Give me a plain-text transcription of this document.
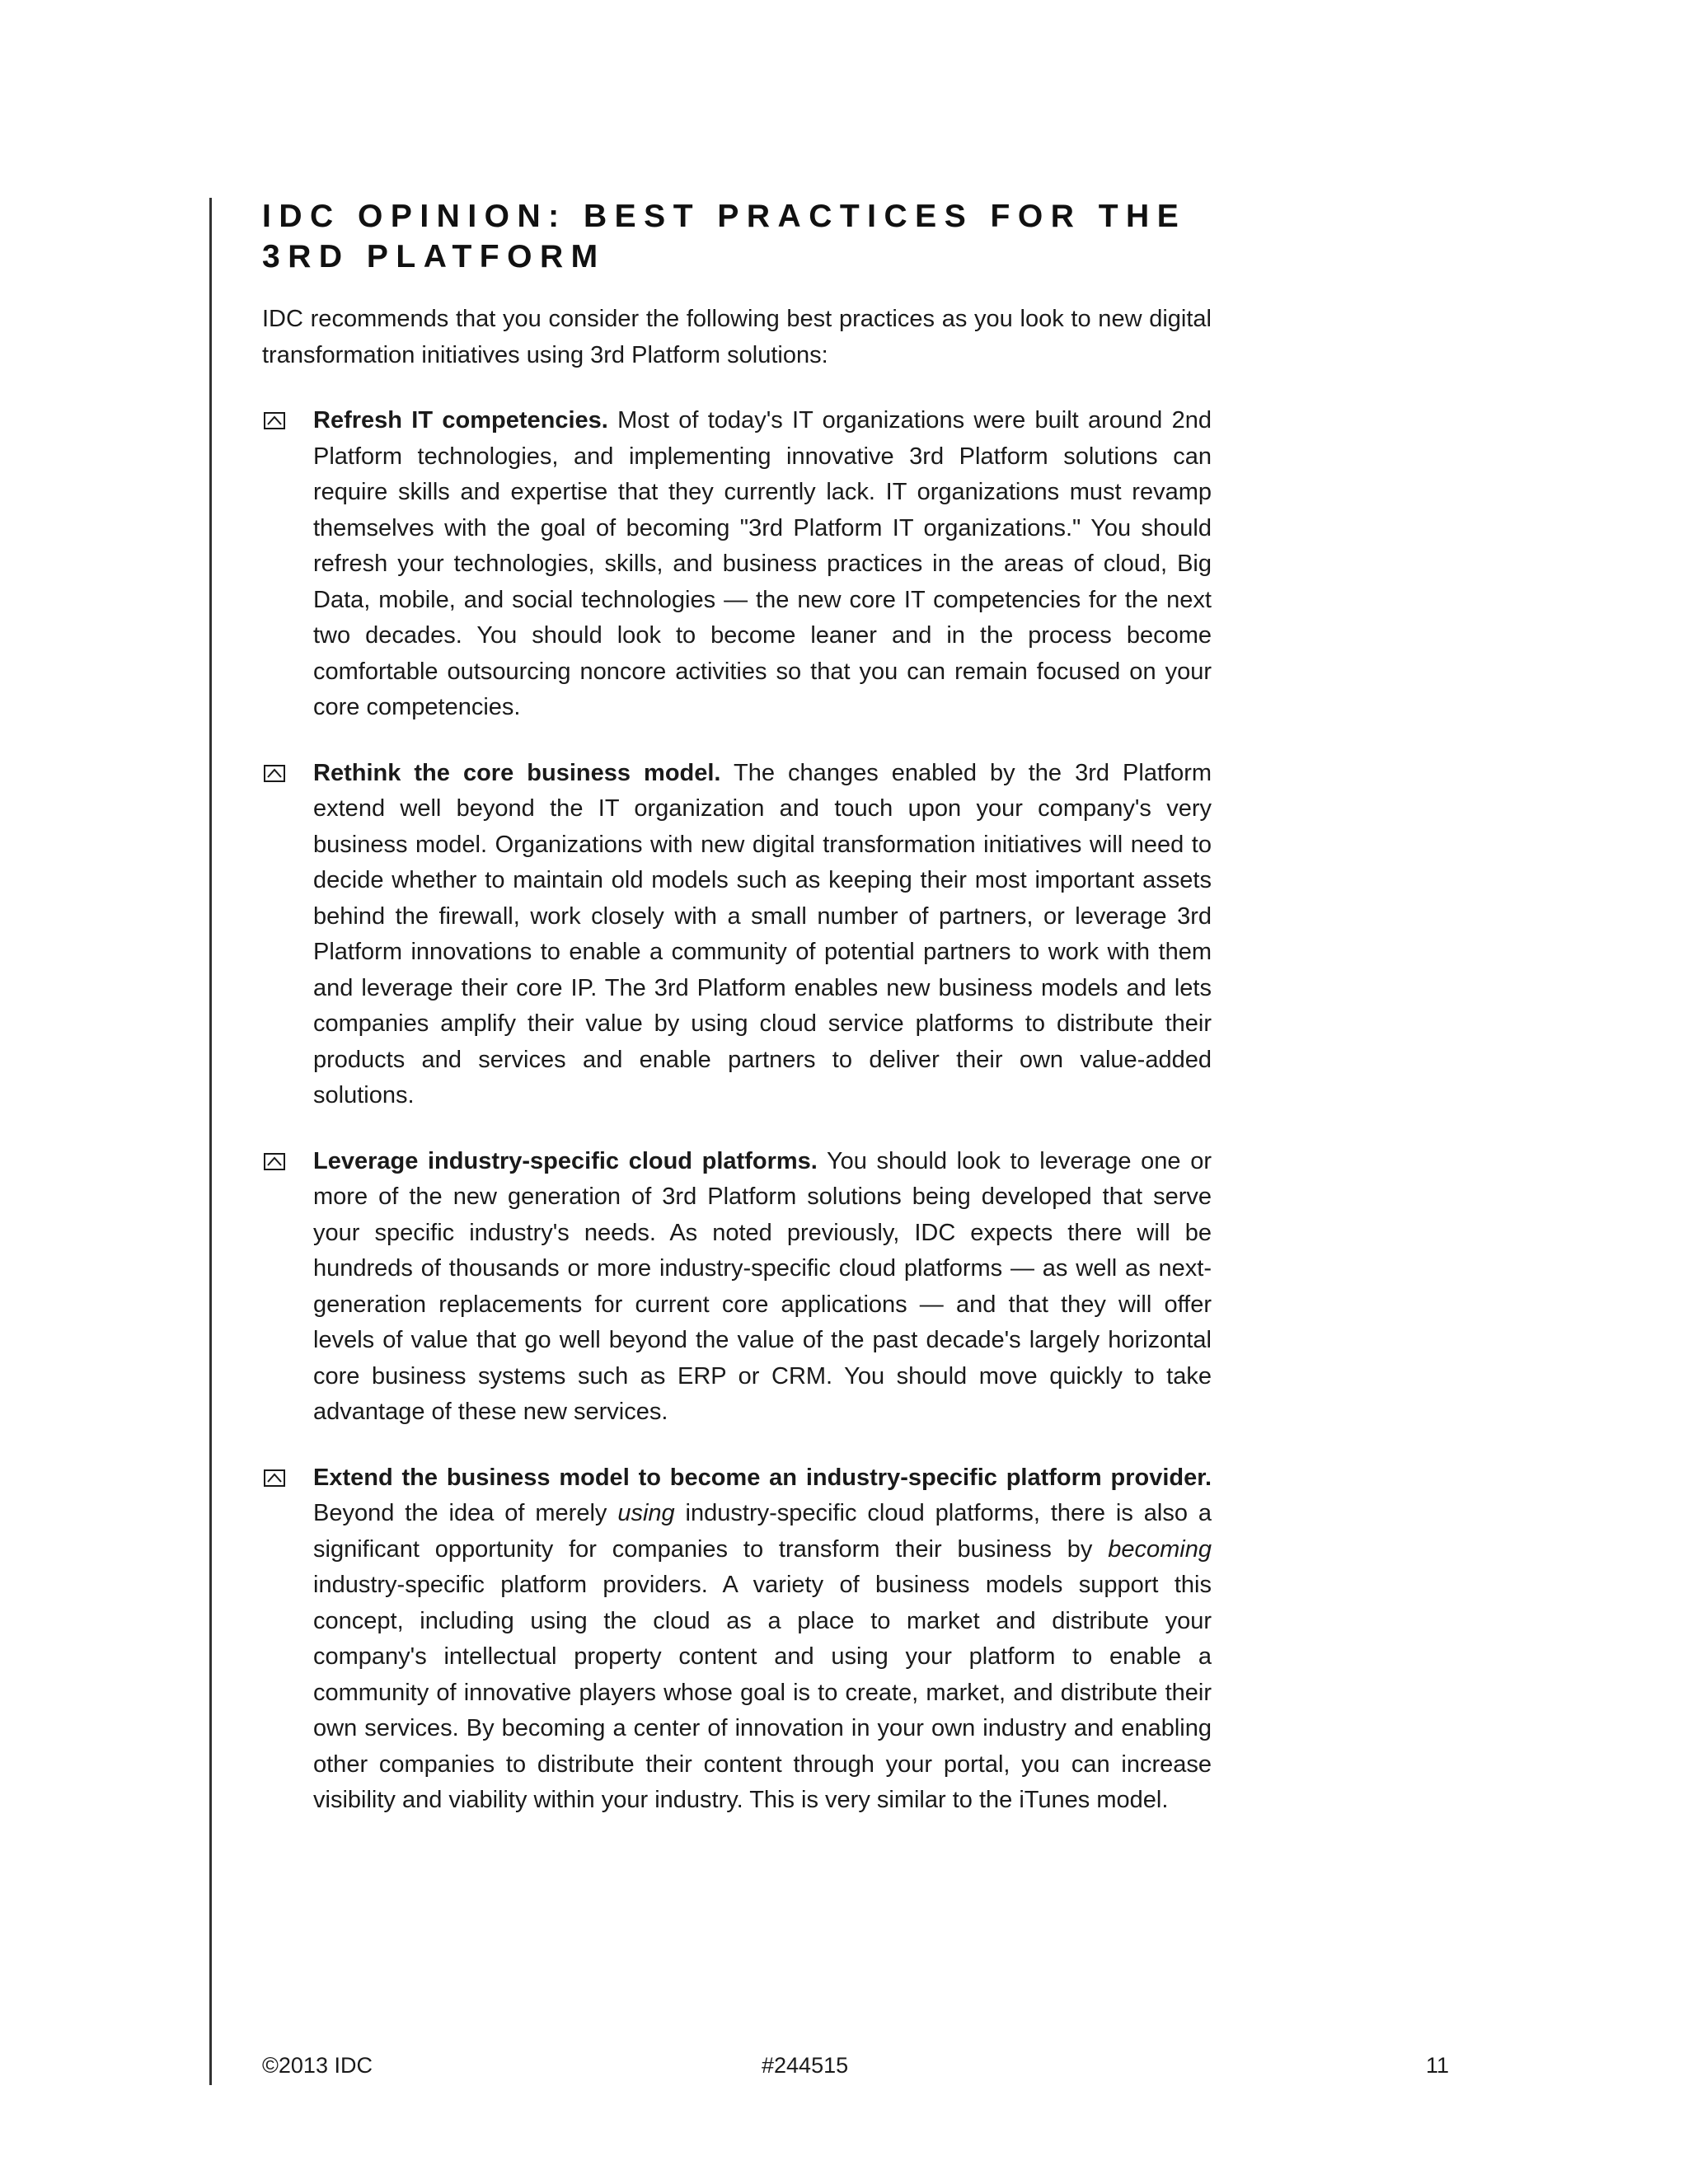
IDC OPINION: BEST PRACTICES FOR THE 3RD PLATFORM

IDC recommends that you consider the following best practices as you look to new digital transformation initiatives using 3rd Platform solutions:

Refresh IT competencies. Most of today's IT organizations were built around 2nd Platform technologies, and implementing innovative 3rd Platform solutions can require skills and expertise that they currently lack. IT organizations must revamp themselves with the goal of becoming "3rd Platform IT organizations." You should refresh your technologies, skills, and business practices in the areas of cloud, Big Data, mobile, and social technologies — the new core IT competencies for the next two decades. You should look to become leaner and in the process become comfortable outsourcing noncore activities so that you can remain focused on your core competencies.

Rethink the core business model. The changes enabled by the 3rd Platform extend well beyond the IT organization and touch upon your company's very business model. Organizations with new digital transformation initiatives will need to decide whether to maintain old models such as keeping their most important assets behind the firewall, work closely with a small number of partners, or leverage 3rd Platform innovations to enable a community of potential partners to work with them and leverage their core IP. The 3rd Platform enables new business models and lets companies amplify their value by using cloud service platforms to distribute their products and services and enable partners to deliver their own value-added solutions.

Leverage industry-specific cloud platforms. You should look to leverage one or more of the new generation of 3rd Platform solutions being developed that serve your specific industry's needs. As noted previously, IDC expects there will be hundreds of thousands or more industry-specific cloud platforms — as well as next-generation replacements for current core applications — and that they will offer levels of value that go well beyond the value of the past decade's largely horizontal core business systems such as ERP or CRM. You should move quickly to take advantage of these new services.

Extend the business model to become an industry-specific platform provider. Beyond the idea of merely using industry-specific cloud platforms, there is also a significant opportunity for companies to transform their business by becoming industry-specific platform providers. A variety of business models support this concept, including using the cloud as a place to market and distribute your company's intellectual property content and using your platform to enable a community of innovative players whose goal is to create, market, and distribute their own services. By becoming a center of innovation in your own industry and enabling other companies to distribute their content through your portal, you can increase visibility and viability within your industry. This is very similar to the iTunes model.

©2013 IDC	#244515	11
